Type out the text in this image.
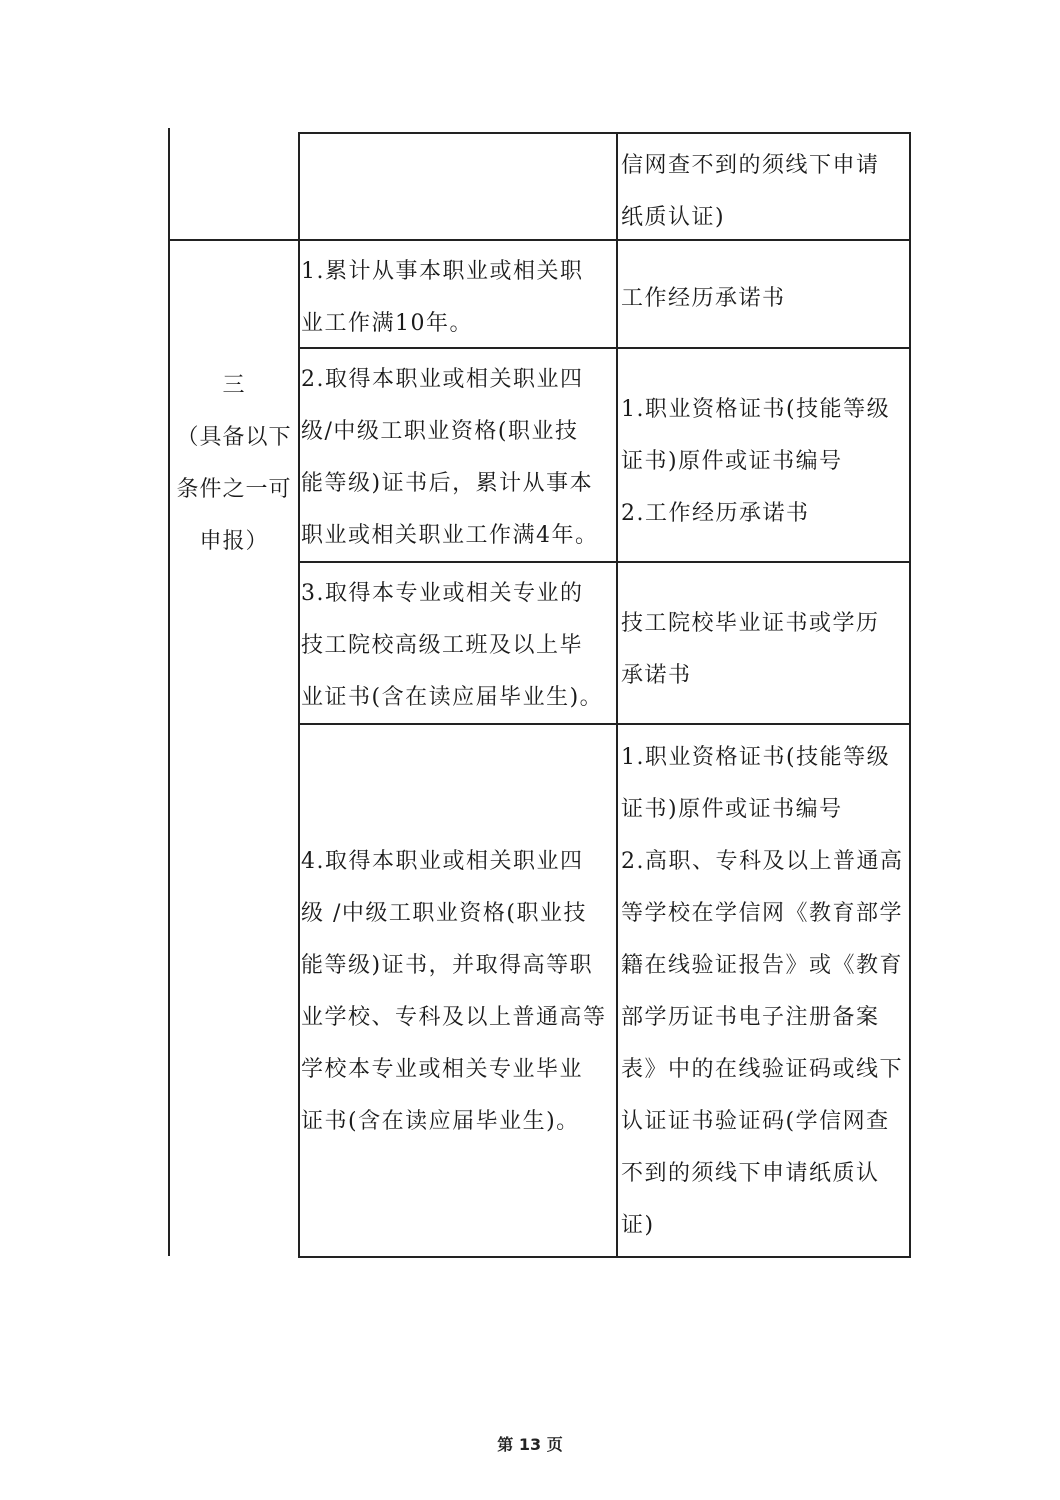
信网查不到的须线下申请
纸质认证)
三
（具备以下
条件之一可
申报）
1.累计从事本职业或相关职
业工作满10年。
工作经历承诺书
2.取得本职业或相关职业四
级/中级工职业资格(职业技
能等级)证书后，累计从事本
职业或相关职业工作满4年。
1.职业资格证书(技能等级
证书)原件或证书编号
2.工作经历承诺书
3.取得本专业或相关专业的
技工院校高级工班及以上毕
业证书(含在读应届毕业生)。
技工院校毕业证书或学历
承诺书
4.取得本职业或相关职业四
级 /中级工职业资格(职业技
能等级)证书，并取得高等职
业学校、专科及以上普通高等
学校本专业或相关专业毕业
证书(含在读应届毕业生)。
1.职业资格证书(技能等级
证书)原件或证书编号
2.高职、专科及以上普通高
等学校在学信网《教育部学
籍在线验证报告》或《教育
部学历证书电子注册备案
表》中的在线验证码或线下
认证证书验证码(学信网查
不到的须线下申请纸质认
证)
第 13 页
